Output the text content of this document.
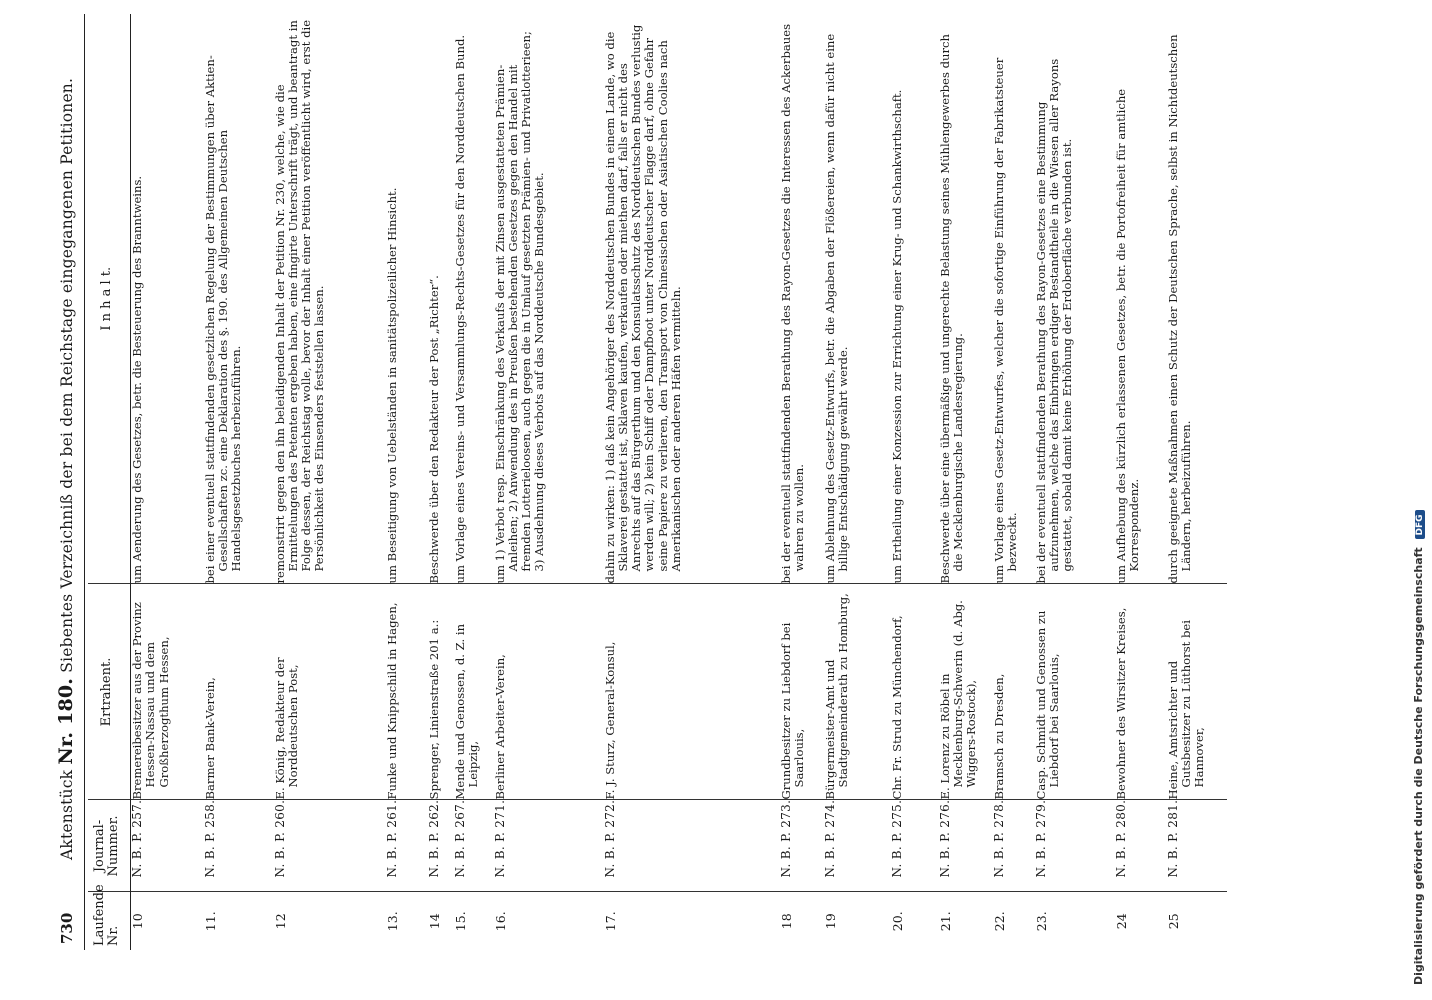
730
Aktenstück Nr. 180. Siebentes Verzeichniß der bei dem Reichstage eingegangenen Petitionen.
Laufende Nr.	Journal-Nummer.	Ertrahent.	I n h a l t.
10	N. B. P. 257.	Bremereibesitzer aus der Provinz Hessen-Nassau und dem Großherzogthum Hessen,	um Aenderung des Gesetzes, betr. die Besteuerung des Branntweins.
11.	N. B. P. 258.	Barmer Bank-Verein,	bei einer eventuell stattfindenden gesetzlichen Regelung der Bestimmungen über Aktien-Gesellschaften zc. eine Deklaration des §. 190. des Allgemeinen Deutschen Handelsgesetzbuches herbeizuführen.
12	N. B. P. 260.	E. König, Redakteur der Norddeutschen Post,	remonstrirt gegen den ihn beleidigenden Inhalt der Petition Nr. 230, welche, wie die Ermittelungen des Petenten ergeben haben, eine fingirte Unterschrift trägt, und beantragt in Folge dessen, der Reichstag wolle, bevor der Inhalt einer Petition veröffentlicht wird, erst die Persönlichkeit des Einsenders feststellen lassen.
13.	N. B. P. 261.	Funke und Knippschild in Hagen,	um Beseitigung von Uebelständen in sanitätspolizeilicher Hinsicht.
14	N. B. P. 262.	Sprenger, Linienstraße 201 a.:	Beschwerde über den Redakteur der Post „Richter“.
15.	N. B. P. 267.	Mende und Genossen, d. Z. in Leipzig,	um Vorlage eines Vereins- und Versammlungs-Rechts-Gesetzes für den Norddeutschen Bund.
16.	N. B. P. 271.	Berliner Arbeiter-Verein,	um 1) Verbot resp. Einschränkung des Verkaufs der mit Zinsen ausgestatteten Prämien-Anleihen; 2) Anwendung des in Preußen bestehenden Gesetzes gegen den Handel mit fremden Lotterieloosen, auch gegen die in Umlauf gesetzten Prämien- und Privatlotterieen; 3) Ausdehnung dieses Verbots auf das Norddeutsche Bundesgebiet.
17.	N. B. P. 272.	F. J. Sturz, General-Konsul,	dahin zu wirken: 1) daß kein Angehöriger des Norddeutschen Bundes in einem Lande, wo die Sklaverei gestattet ist, Sklaven kaufen, verkaufen oder miethen darf, falls er nicht des Anrechts auf das Bürgerthum und den Konsulatsschutz des Norddeutschen Bundes verlustig werden will; 2) kein Schiff oder Dampfboot unter Norddeutscher Flagge darf, ohne Gefahr seine Papiere zu verlieren, den Transport von Chinesischen oder Asiatischen Coolies nach Amerikanischen oder anderen Häfen vermitteln.
18	N. B. P. 273.	Grundbesitzer zu Liebdorf bei Saarlouis,	bei der eventuell stattfindenden Berathung des Rayon-Gesetzes die Interessen des Ackerbaues wahren zu wollen.
19	N. B. P. 274.	Bürgermeister-Amt und Stadtgemeinderath zu Homburg,	um Ablehnung des Gesetz-Entwurfs, betr. die Abgaben der Flößereien, wenn dafür nicht eine billige Entschädigung gewährt werde.
20.	N. B. P. 275.	Chr. Fr. Strud zu Münchendorf,	um Ertheilung einer Konzession zur Errichtung einer Krug- und Schankwirthschaft.
21.	N. B. P. 276.	E. Lorenz zu Röbel in Mecklenburg-Schwerin (d. Abg. Wiggers-Rostock),	Beschwerde über eine übermäßige und ungerechte Belastung seines Mühlengewerbes durch die Mecklenburgische Landesregierung.
22.	N. B. P. 278.	Bramsch zu Dresden,	um Vorlage eines Gesetz-Entwurfes, welcher die sofortige Einführung der Fabrikatsteuer bezweckt.
23.	N. B. P. 279.	Casp. Schmidt und Genossen zu Liebdorf bei Saarlouis,	bei der eventuell stattfindenden Berathung des Rayon-Gesetzes eine Bestimmung aufzunehmen, welche das Einbringen erdiger Bestandtheile in die Wiesen aller Rayons gestattet, sobald damit keine Erhöhung der Erdoberfläche verbunden ist.
24	N. B. P. 280.	Bewohner des Wirsitzer Kreises,	um Aufhebung des kürzlich erlassenen Gesetzes, betr. die Portofreiheit für amtliche Korrespondenz.
25	N. B. P. 281.	Heine, Amtsrichter und Gutsbesitzer zu Lüthorst bei Hannover,	durch geeignete Maßnahmen einen Schutz der Deutschen Sprache, selbst in Nichtdeutschen Ländern, herbeizuführen.
Digitalisierung gefördert durch die Deutsche Forschungsgemeinschaft DFG
